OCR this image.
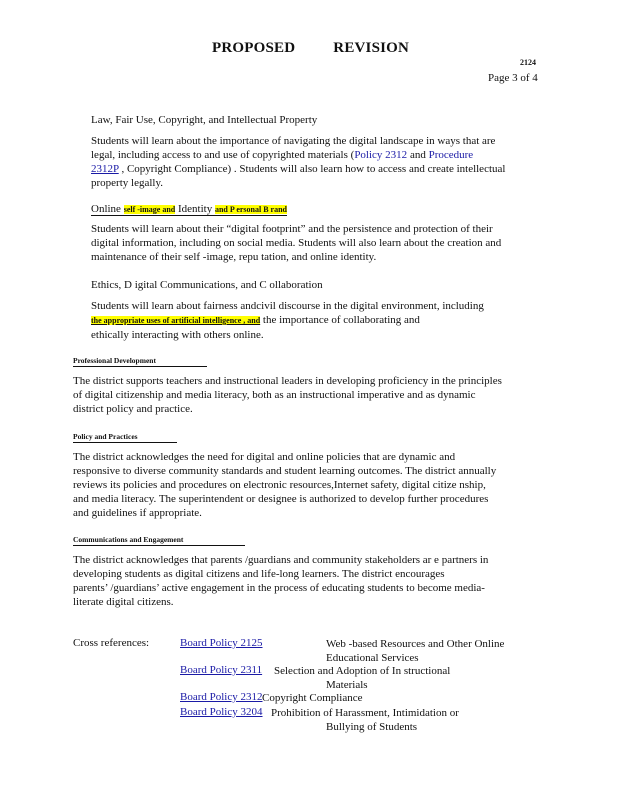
PROPOSED	REVISION
2124
Page 3 of 4
Law, Fair Use, Copyright, and Intellectual Property
Students will learn about the importance of navigating the digital landscape in ways that are
legal, including access to and use of copyrighted materials (Policy 2312 and Procedure
2312P , Copyright Compliance) . Students will also learn how to access and create intellectual
property legally.
Online self -image and Identity and P ersonal B rand
Students will learn about their “digital footprint” and the persistence and protection of their
digital information, including on social media. Students will also learn about the creation and
maintenance of their self -image, repu tation, and online identity.
Ethics, D igital Communications, and C ollaboration
Students will learn about fairness andcivil discourse in the digital environment, including
the appropriate uses of artificial intelligence , and the importance of collaborating and
ethically interacting with others online.
Professional Development
The district supports teachers and instructional leaders in developing proficiency in the principles
of digital citizenship and media literacy, both as an instructional imperative and as dynamic
district policy and practice.
Policy and Practices
The district acknowledges the need for digital and online policies that are dynamic and
responsive to diverse community standards and student learning outcomes. The district annually
reviews its policies and procedures on electronic resources,Internet safety, digital citize nship,
and media literacy. The superintendent or designee is authorized to develop further procedures
and guidelines if appropriate.
Communications and Engagement
The district acknowledges that parents /guardians and community stakeholders ar e partners in
developing students as digital citizens and life-long learners. The district encourages
parents’ /guardians’ active engagement in the process of educating students to become media-
literate digital citizens.
Cross references:	Board Policy 2125	Web -based Resources and Other Online
Educational Services
Board Policy 2311 Selection and Adoption of In structional
Materials
Board Policy 2312 Copyright Compliance
Board Policy 3204 Prohibition of Harassment, Intimidation or
Bullying of Students
